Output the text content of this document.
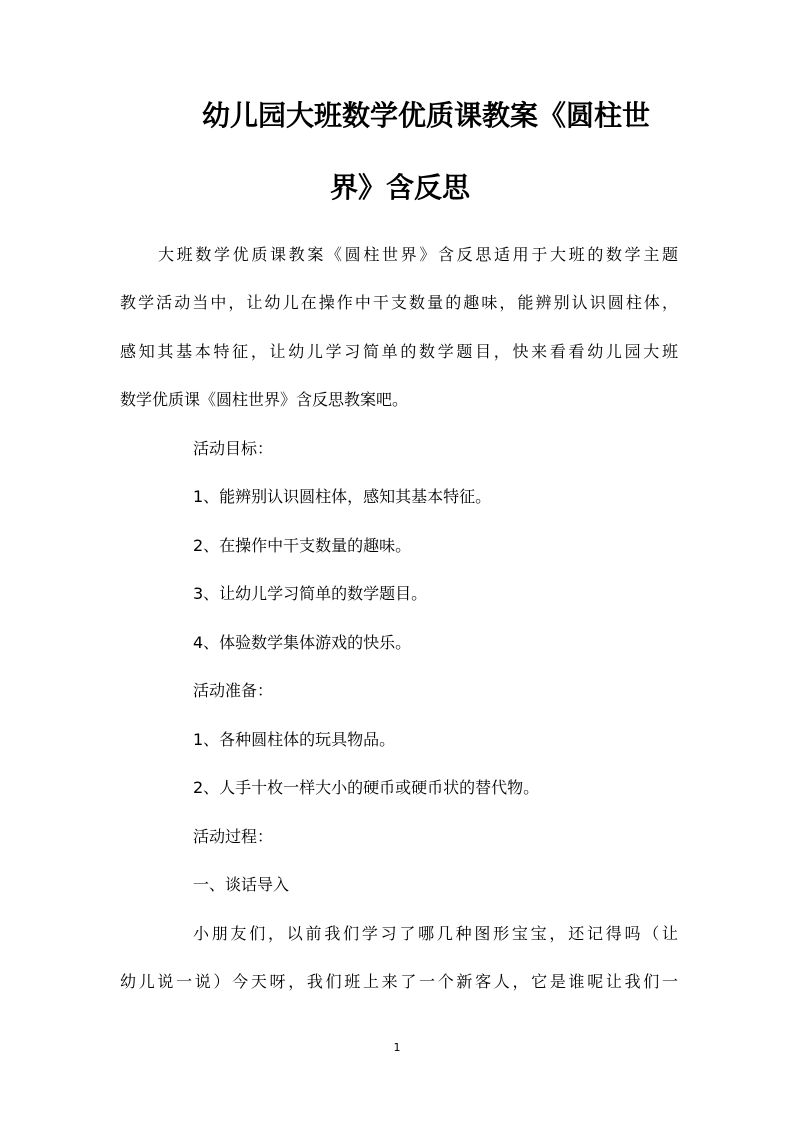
幼儿园大班数学优质课教案《圆柱世
界》含反思
大班数学优质课教案《圆柱世界》含反思适用于大班的数学主题
教学活动当中，让幼儿在操作中干支数量的趣味，能辨别认识圆柱体，
感知其基本特征，让幼儿学习简单的数学题目，快来看看幼儿园大班
数学优质课《圆柱世界》含反思教案吧。
活动目标：
1、能辨别认识圆柱体，感知其基本特征。
2、在操作中干支数量的趣味。
3、让幼儿学习简单的数学题目。
4、体验数学集体游戏的快乐。
活动准备：
1、各种圆柱体的玩具物品。
2、人手十枚一样大小的硬币或硬币状的替代物。
活动过程：
一、谈话导入
小朋友们，以前我们学习了哪几种图形宝宝，还记得吗（让
幼儿说一说）今天呀，我们班上来了一个新客人，它是谁呢让我们一
1
